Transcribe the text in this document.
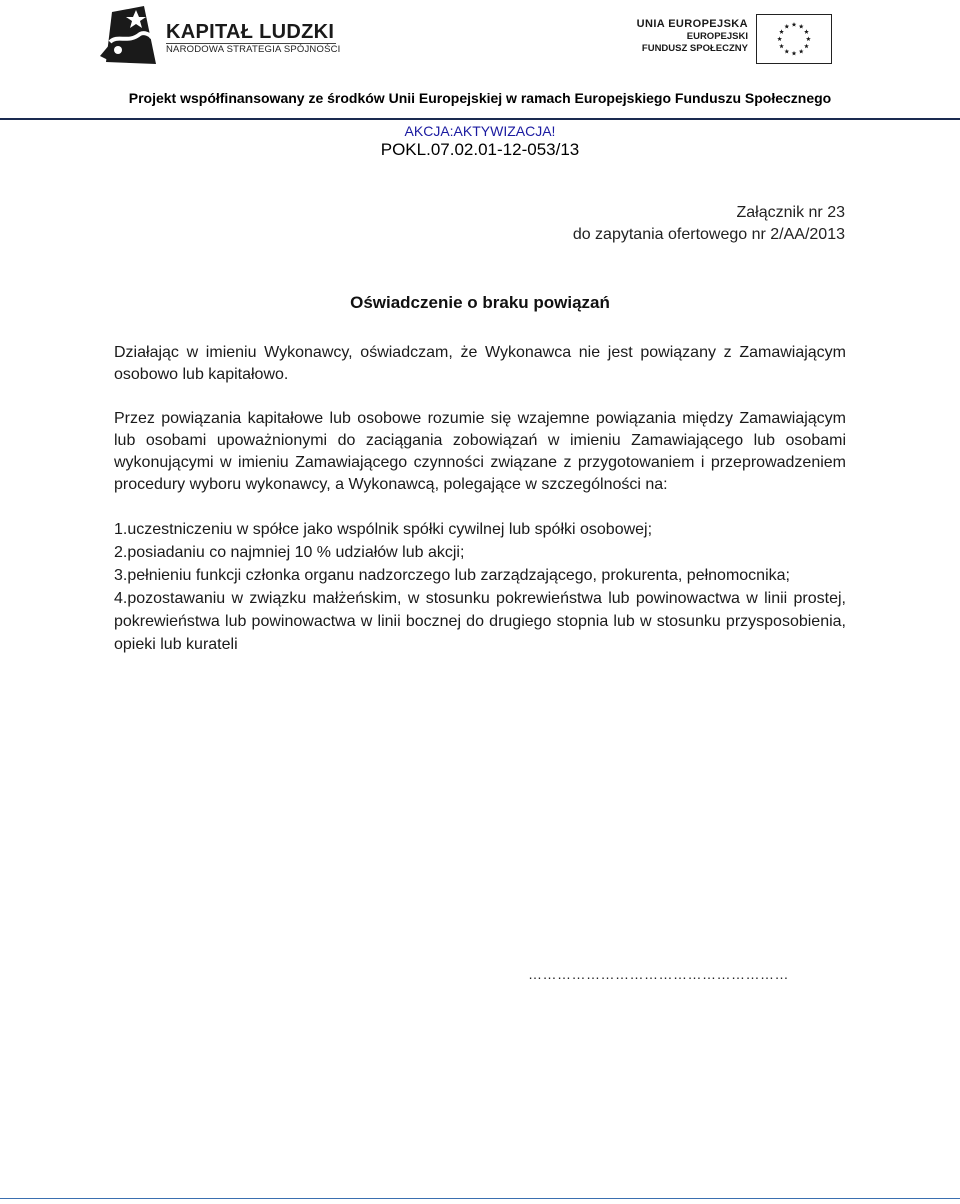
KAPITAŁ LUDZKI
NARODOWA STRATEGIA SPÓJNOŚCI
UNIA EUROPEJSKA
EUROPEJSKI
FUNDUSZ SPOŁECZNY
Projekt współfinansowany ze środków Unii Europejskiej w ramach Europejskiego Funduszu Społecznego
AKCJA:AKTYWIZACJA!
POKL.07.02.01-12-053/13
Załącznik nr 23
do zapytania ofertowego nr 2/AA/2013
Oświadczenie o braku powiązań
Działając w imieniu Wykonawcy, oświadczam, że Wykonawca nie jest powiązany z Zamawiającym osobowo lub kapitałowo.
Przez powiązania kapitałowe lub osobowe rozumie się wzajemne powiązania między Zamawiającym lub osobami upoważnionymi do zaciągania zobowiązań w imieniu Zamawiającego lub osobami wykonującymi w imieniu Zamawiającego czynności związane z przygotowaniem i przeprowadzeniem procedury wyboru wykonawcy, a Wykonawcą, polegające w szczególności na:
1.uczestniczeniu w spółce jako wspólnik spółki cywilnej lub spółki osobowej;
2.posiadaniu co najmniej 10 % udziałów lub akcji;
3.pełnieniu funkcji członka organu nadzorczego lub zarządzającego, prokurenta, pełnomocnika;
4.pozostawaniu w związku małżeńskim, w stosunku pokrewieństwa lub powinowactwa w linii prostej, pokrewieństwa lub powinowactwa w linii bocznej do drugiego stopnia lub w stosunku przysposobienia, opieki lub kurateli
………………………………………………
